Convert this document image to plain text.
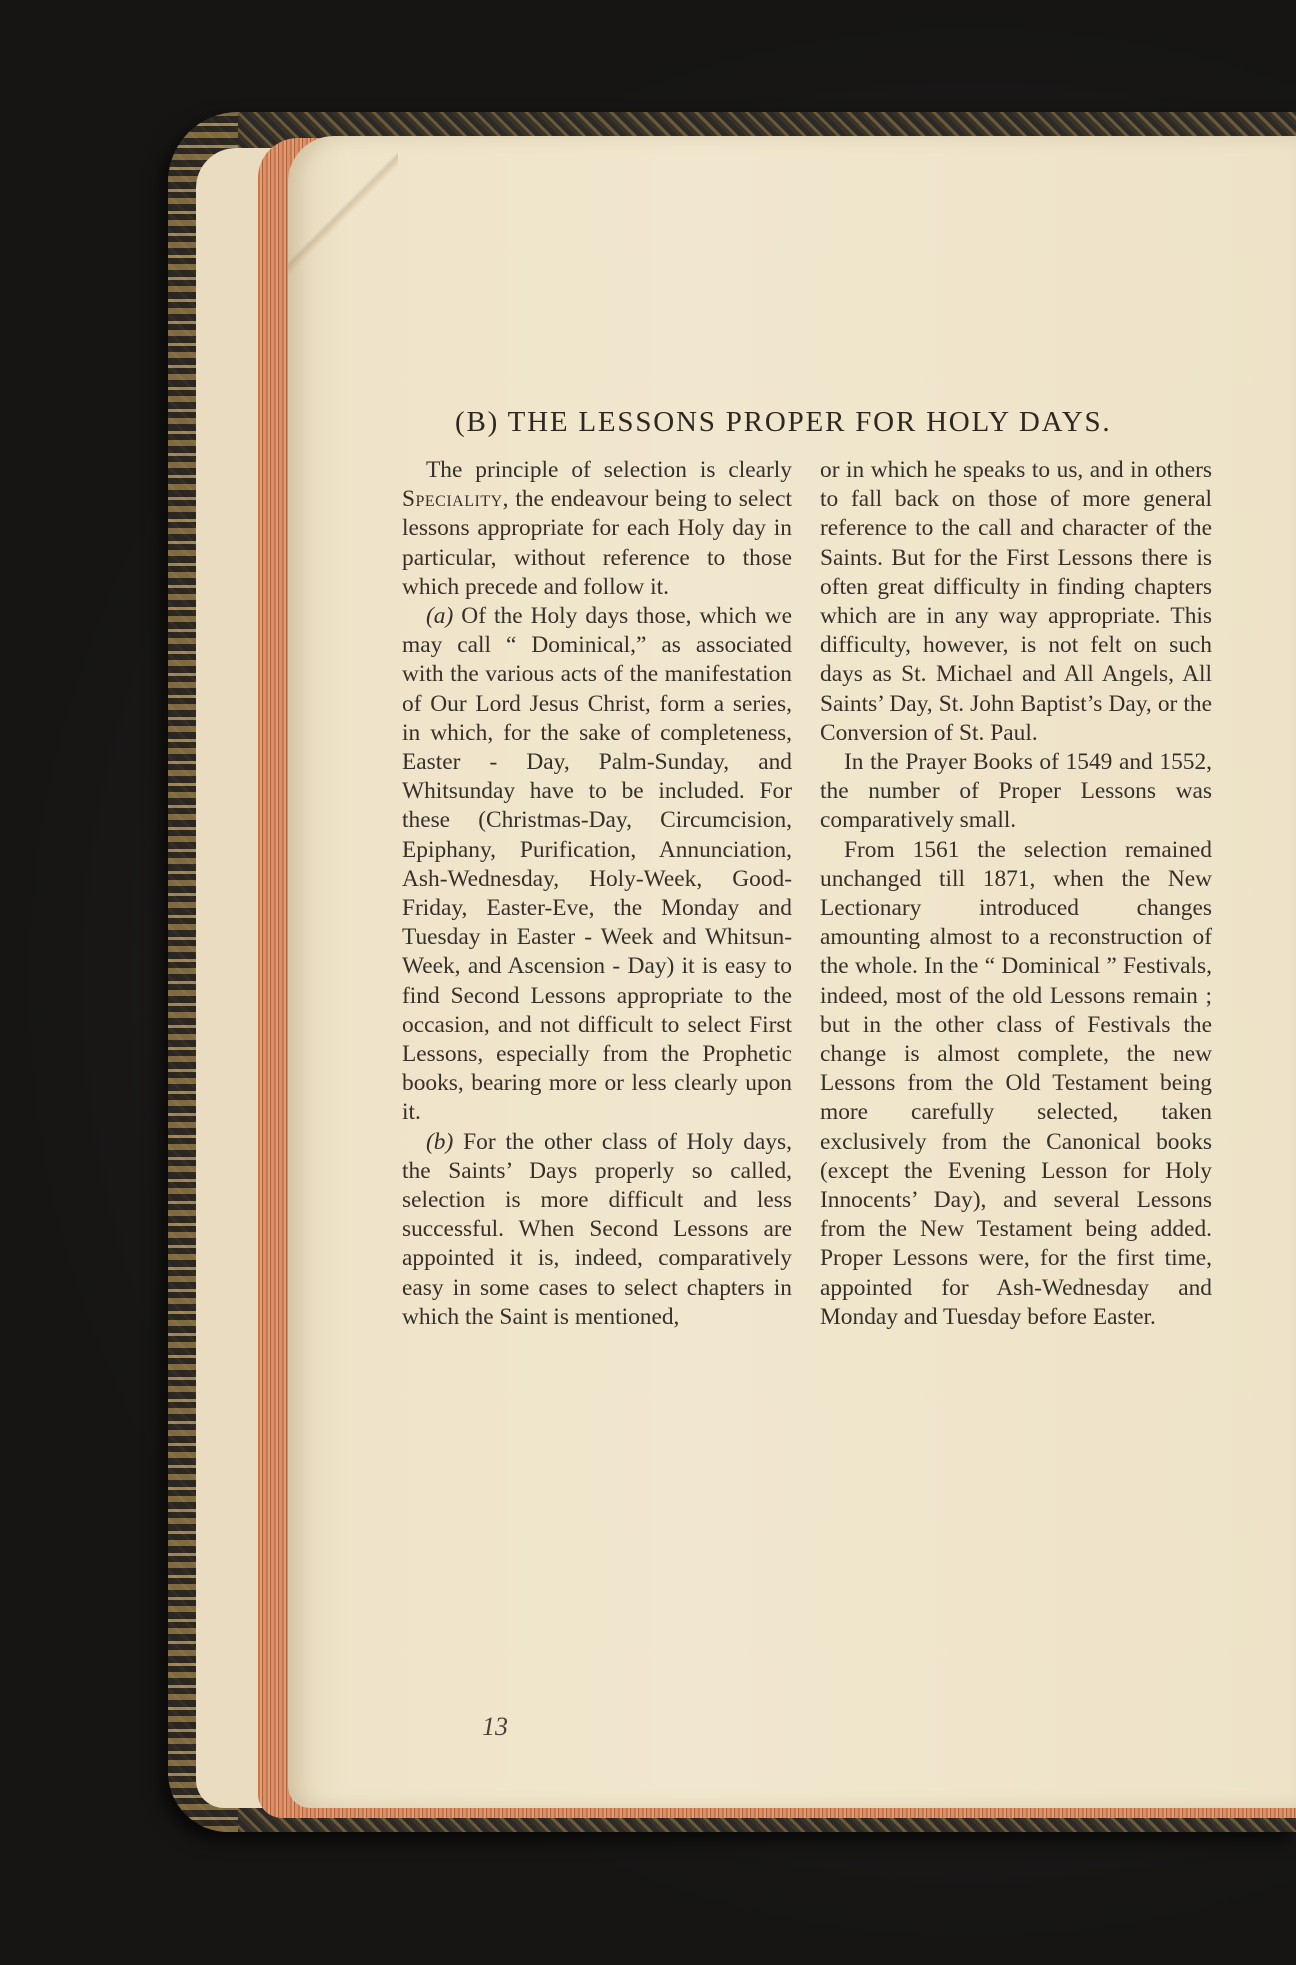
(B) THE LESSONS PROPER FOR HOLY DAYS.

The principle of selection is clearly Speciality, the endeavour being to select lessons appropriate for each Holy day in particular, without reference to those which precede and follow it.

(a) Of the Holy days those, which we may call “ Dominical,” as associated with the various acts of the manifestation of Our Lord Jesus Christ, form a series, in which, for the sake of completeness, Easter - Day, Palm-Sunday, and Whitsunday have to be included. For these (Christmas-Day, Circumcision, Epiphany, Purification, Annunciation, Ash-Wednesday, Holy-Week, Good-Friday, Easter-Eve, the Monday and Tuesday in Easter - Week and Whitsun-Week, and Ascension - Day) it is easy to find Second Lessons appropriate to the occasion, and not difficult to select First Lessons, especially from the Prophetic books, bearing more or less clearly upon it.

(b) For the other class of Holy days, the Saints’ Days properly so called, selection is more difficult and less successful. When Second Lessons are appointed it is, indeed, comparatively easy in some cases to select chapters in which the Saint is mentioned,

or in which he speaks to us, and in others to fall back on those of more general reference to the call and character of the Saints. But for the First Lessons there is often great difficulty in finding chapters which are in any way appropriate. This difficulty, however, is not felt on such days as St. Michael and All Angels, All Saints’ Day, St. John Baptist’s Day, or the Conversion of St. Paul.

In the Prayer Books of 1549 and 1552, the number of Proper Lessons was comparatively small.

From 1561 the selection remained unchanged till 1871, when the New Lectionary introduced changes amounting almost to a reconstruction of the whole. In the “ Dominical ” Festivals, indeed, most of the old Lessons remain ; but in the other class of Festivals the change is almost complete, the new Lessons from the Old Testament being more carefully selected, taken exclusively from the Canonical books (except the Evening Lesson for Holy Innocents’ Day), and several Lessons from the New Testament being added. Proper Lessons were, for the first time, appointed for Ash-Wednesday and Monday and Tuesday before Easter.

13
